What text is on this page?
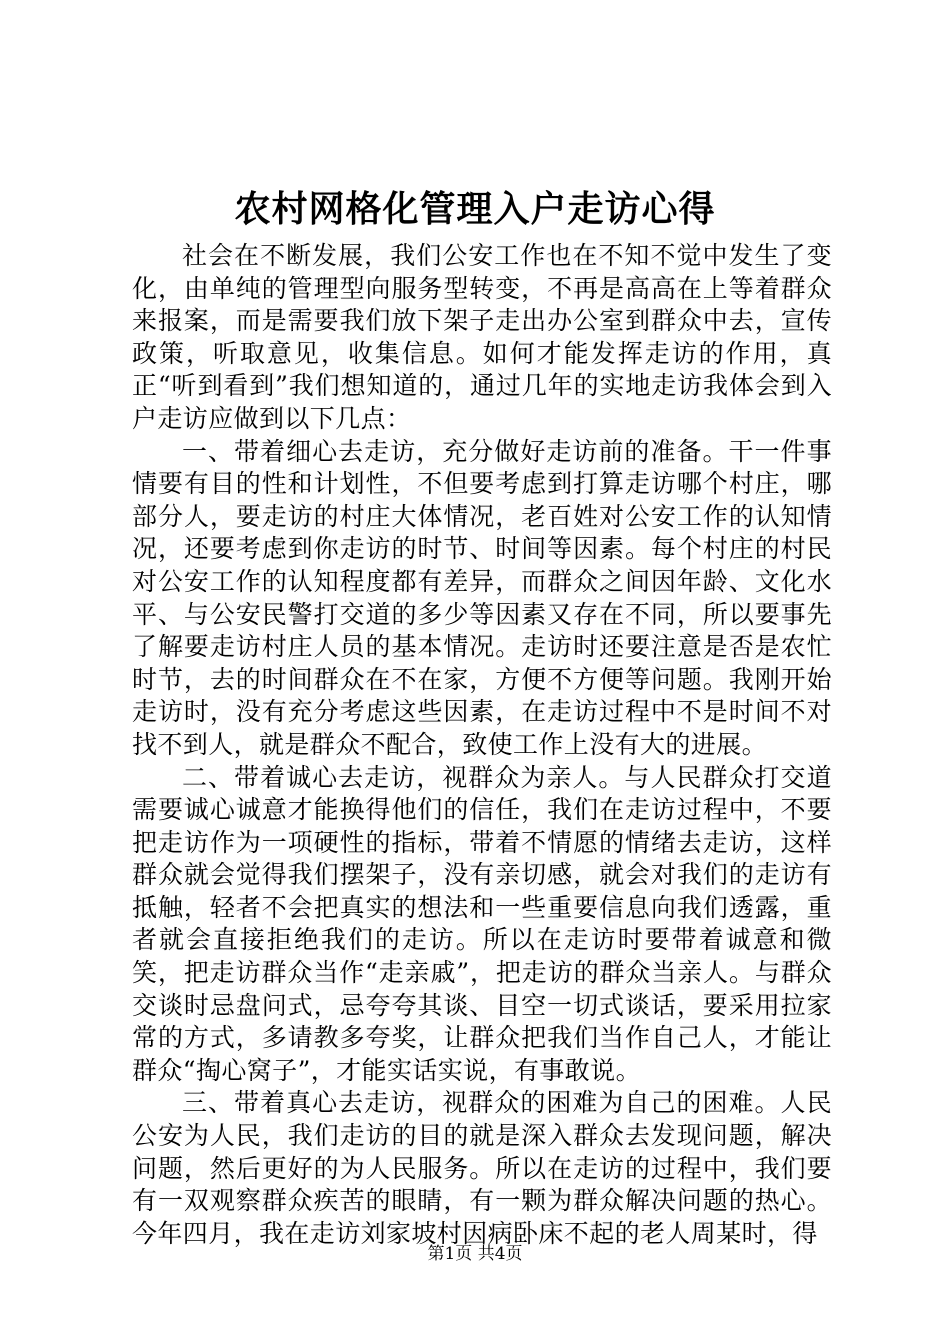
农村网格化管理入户走访心得

社会在不断发展，我们公安工作也在不知不觉中发生了变化，由单纯的管理型向服务型转变，不再是高高在上等着群众来报案，而是需要我们放下架子走出办公室到群众中去，宣传政策，听取意见，收集信息。如何才能发挥走访的作用，真正“听到看到”我们想知道的，通过几年的实地走访我体会到入户走访应做到以下几点：

一、带着细心去走访，充分做好走访前的准备。干一件事情要有目的性和计划性，不但要考虑到打算走访哪个村庄，哪部分人，要走访的村庄大体情况，老百姓对公安工作的认知情况，还要考虑到你走访的时节、时间等因素。每个村庄的村民对公安工作的认知程度都有差异，而群众之间因年龄、文化水平、与公安民警打交道的多少等因素又存在不同，所以要事先了解要走访村庄人员的基本情况。走访时还要注意是否是农忙时节，去的时间群众在不在家，方便不方便等问题。我刚开始走访时，没有充分考虑这些因素，在走访过程中不是时间不对找不到人，就是群众不配合，致使工作上没有大的进展。

二、带着诚心去走访，视群众为亲人。与人民群众打交道需要诚心诚意才能换得他们的信任，我们在走访过程中，不要把走访作为一项硬性的指标，带着不情愿的情绪去走访，这样群众就会觉得我们摆架子，没有亲切感，就会对我们的走访有抵触，轻者不会把真实的想法和一些重要信息向我们透露，重者就会直接拒绝我们的走访。所以在走访时要带着诚意和微笑，把走访群众当作“走亲戚”，把走访的群众当亲人。与群众交谈时忌盘问式，忌夸夸其谈、目空一切式谈话，要采用拉家常的方式，多请教多夸奖，让群众把我们当作自己人，才能让群众“掏心窝子”，才能实话实说，有事敢说。

三、带着真心去走访，视群众的困难为自己的困难。人民公安为人民，我们走访的目的就是深入群众去发现问题，解决问题，然后更好的为人民服务。所以在走访的过程中，我们要有一双观察群众疾苦的眼睛，有一颗为群众解决问题的热心。今年四月，我在走访刘家坡村因病卧床不起的老人周某时，得

第1页 共4页
